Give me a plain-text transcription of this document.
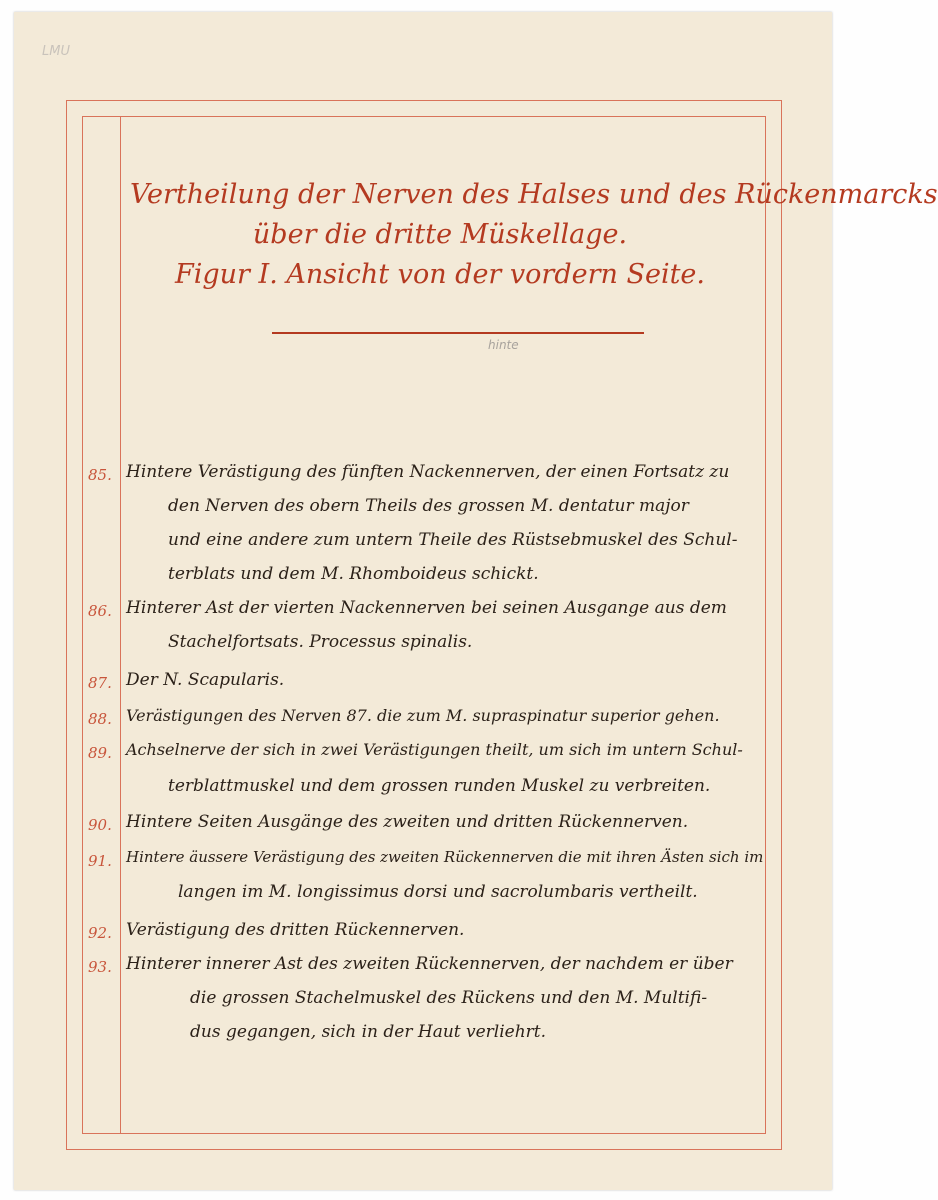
LMU
Vertheilung der Nerven des Halses und des Rückenmarcks
über die dritte Müskellage.
Figur I. Ansicht von der vordern Seite.
hinte
85. Hintere Verästigung des fünften Nackennerven, der einen Fortsatz zu
den Nerven des obern Theils des grossen M. dentatur major
und eine andere zum untern Theile des Rüstsebmuskel des Schul-
terblats und dem M. Rhomboideus schickt.
86. Hinterer Ast der vierten Nackennerven bei seinen Ausgange aus dem
Stachelfortsats. Processus spinalis.
87. Der N. Scapularis.
88. Verästigungen des Nerven 87. die zum M. supraspinatur superior gehen.
89. Achselnerve der sich in zwei Verästigungen theilt, um sich im untern Schul-
terblattmuskel und dem grossen runden Muskel zu verbreiten.
90. Hintere Seiten Ausgänge des zweiten und dritten Rückennerven.
91. Hintere äussere Verästigung des zweiten Rückennerven die mit ihren Ästen sich im
langen im M. longissimus dorsi und sacrolumbaris vertheilt.
92. Verästigung des dritten Rückennerven.
93. Hinterer innerer Ast des zweiten Rückennerven, der nachdem er über
die grossen Stachelmuskel des Rückens und den M. Multifi-
dus gegangen, sich in der Haut verliehrt.
